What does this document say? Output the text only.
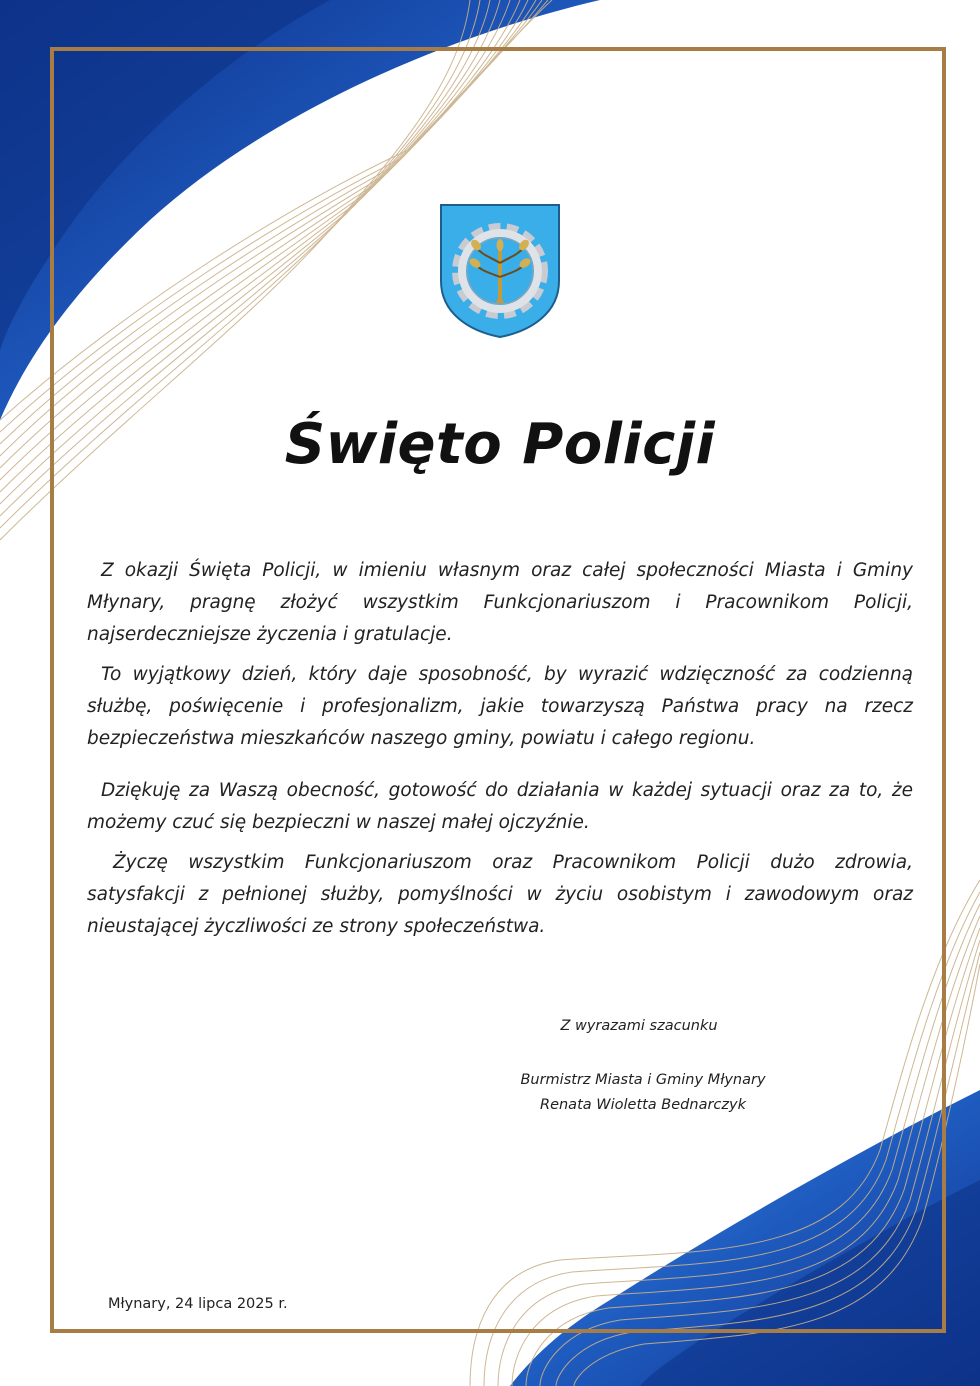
Święto Policji

Z okazji Święta Policji, w imieniu własnym oraz całej społeczności Miasta i Gminy Młynary, pragnę złożyć wszystkim Funkcjonariuszom i Pracownikom Policji, najserdeczniejsze życzenia i gratulacje.

To wyjątkowy dzień, który daje sposobność, by wyrazić wdzięczność za codzienną służbę, poświęcenie i profesjonalizm, jakie towarzyszą Państwa pracy na rzecz bezpieczeństwa mieszkańców naszego gminy, powiatu i całego regionu.

Dziękuję za Waszą obecność, gotowość do działania w każdej sytuacji oraz za to, że możemy czuć się bezpieczni w naszej małej ojczyźnie.

Życzę wszystkim Funkcjonariuszom oraz Pracownikom Policji dużo zdrowia, satysfakcji z pełnionej służby, pomyślności w życiu osobistym i zawodowym oraz nieustającej życzliwości ze strony społeczeństwa.

Z wyrazami szacunku
Burmistrz Miasta i Gminy Młynary
Renata Wioletta Bednarczyk
Młynary, 24 lipca 2025 r.
